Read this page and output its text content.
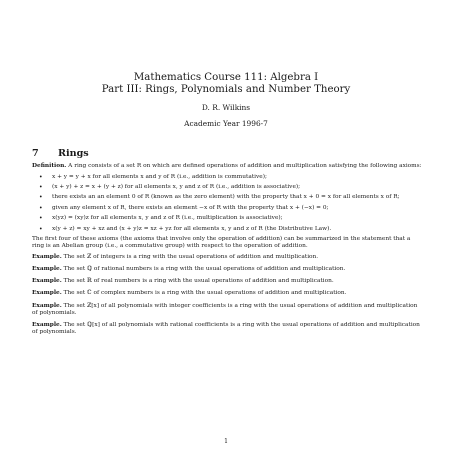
Mathematics Course 111: Algebra I
Part III: Rings, Polynomials and Number Theory
D. R. Wilkins
Academic Year 1996-7
7 Rings

Definition. A ring consists of a set R on which are defined operations of addition and multiplication satisfying the following axioms:

• x + y = y + x for all elements x and y of R (i.e., addition is commutative);
• (x + y) + z = x + (y + z) for all elements x, y and z of R (i.e., addition is associative);
• there exists an an element 0 of R (known as the zero element) with the property that x + 0 = x for all elements x of R;
• given any element x of R, there exists an element −x of R with the property that x + (−x) = 0;
• x(yz) = (xy)z for all elements x, y and z of R (i.e., multiplication is associative);
• x(y + z) = xy + xz and (x + y)z = xz + yz for all elements x, y and z of R (the Distributive Law).

The first four of these axioms (the axioms that involve only the operation of addition) can be summarized in the statement that a ring is an Abelian group (i.e., a commutative group) with respect to the operation of addition.

Example. The set ℤ of integers is a ring with the usual operations of addition and multiplication.

Example. The set ℚ of rational numbers is a ring with the usual operations of addition and multiplication.

Example. The set ℝ of real numbers is a ring with the usual operations of addition and multiplication.

Example. The set ℂ of complex numbers is a ring with the usual operations of addition and multiplication.

Example. The set ℤ[x] of all polynomials with integer coefficients is a ring with the usual operations of addition and multiplication of polynomials.

Example. The set ℚ[x] of all polynomials with rational coefficients is a ring with the usual operations of addition and multiplication of polynomials.

1
